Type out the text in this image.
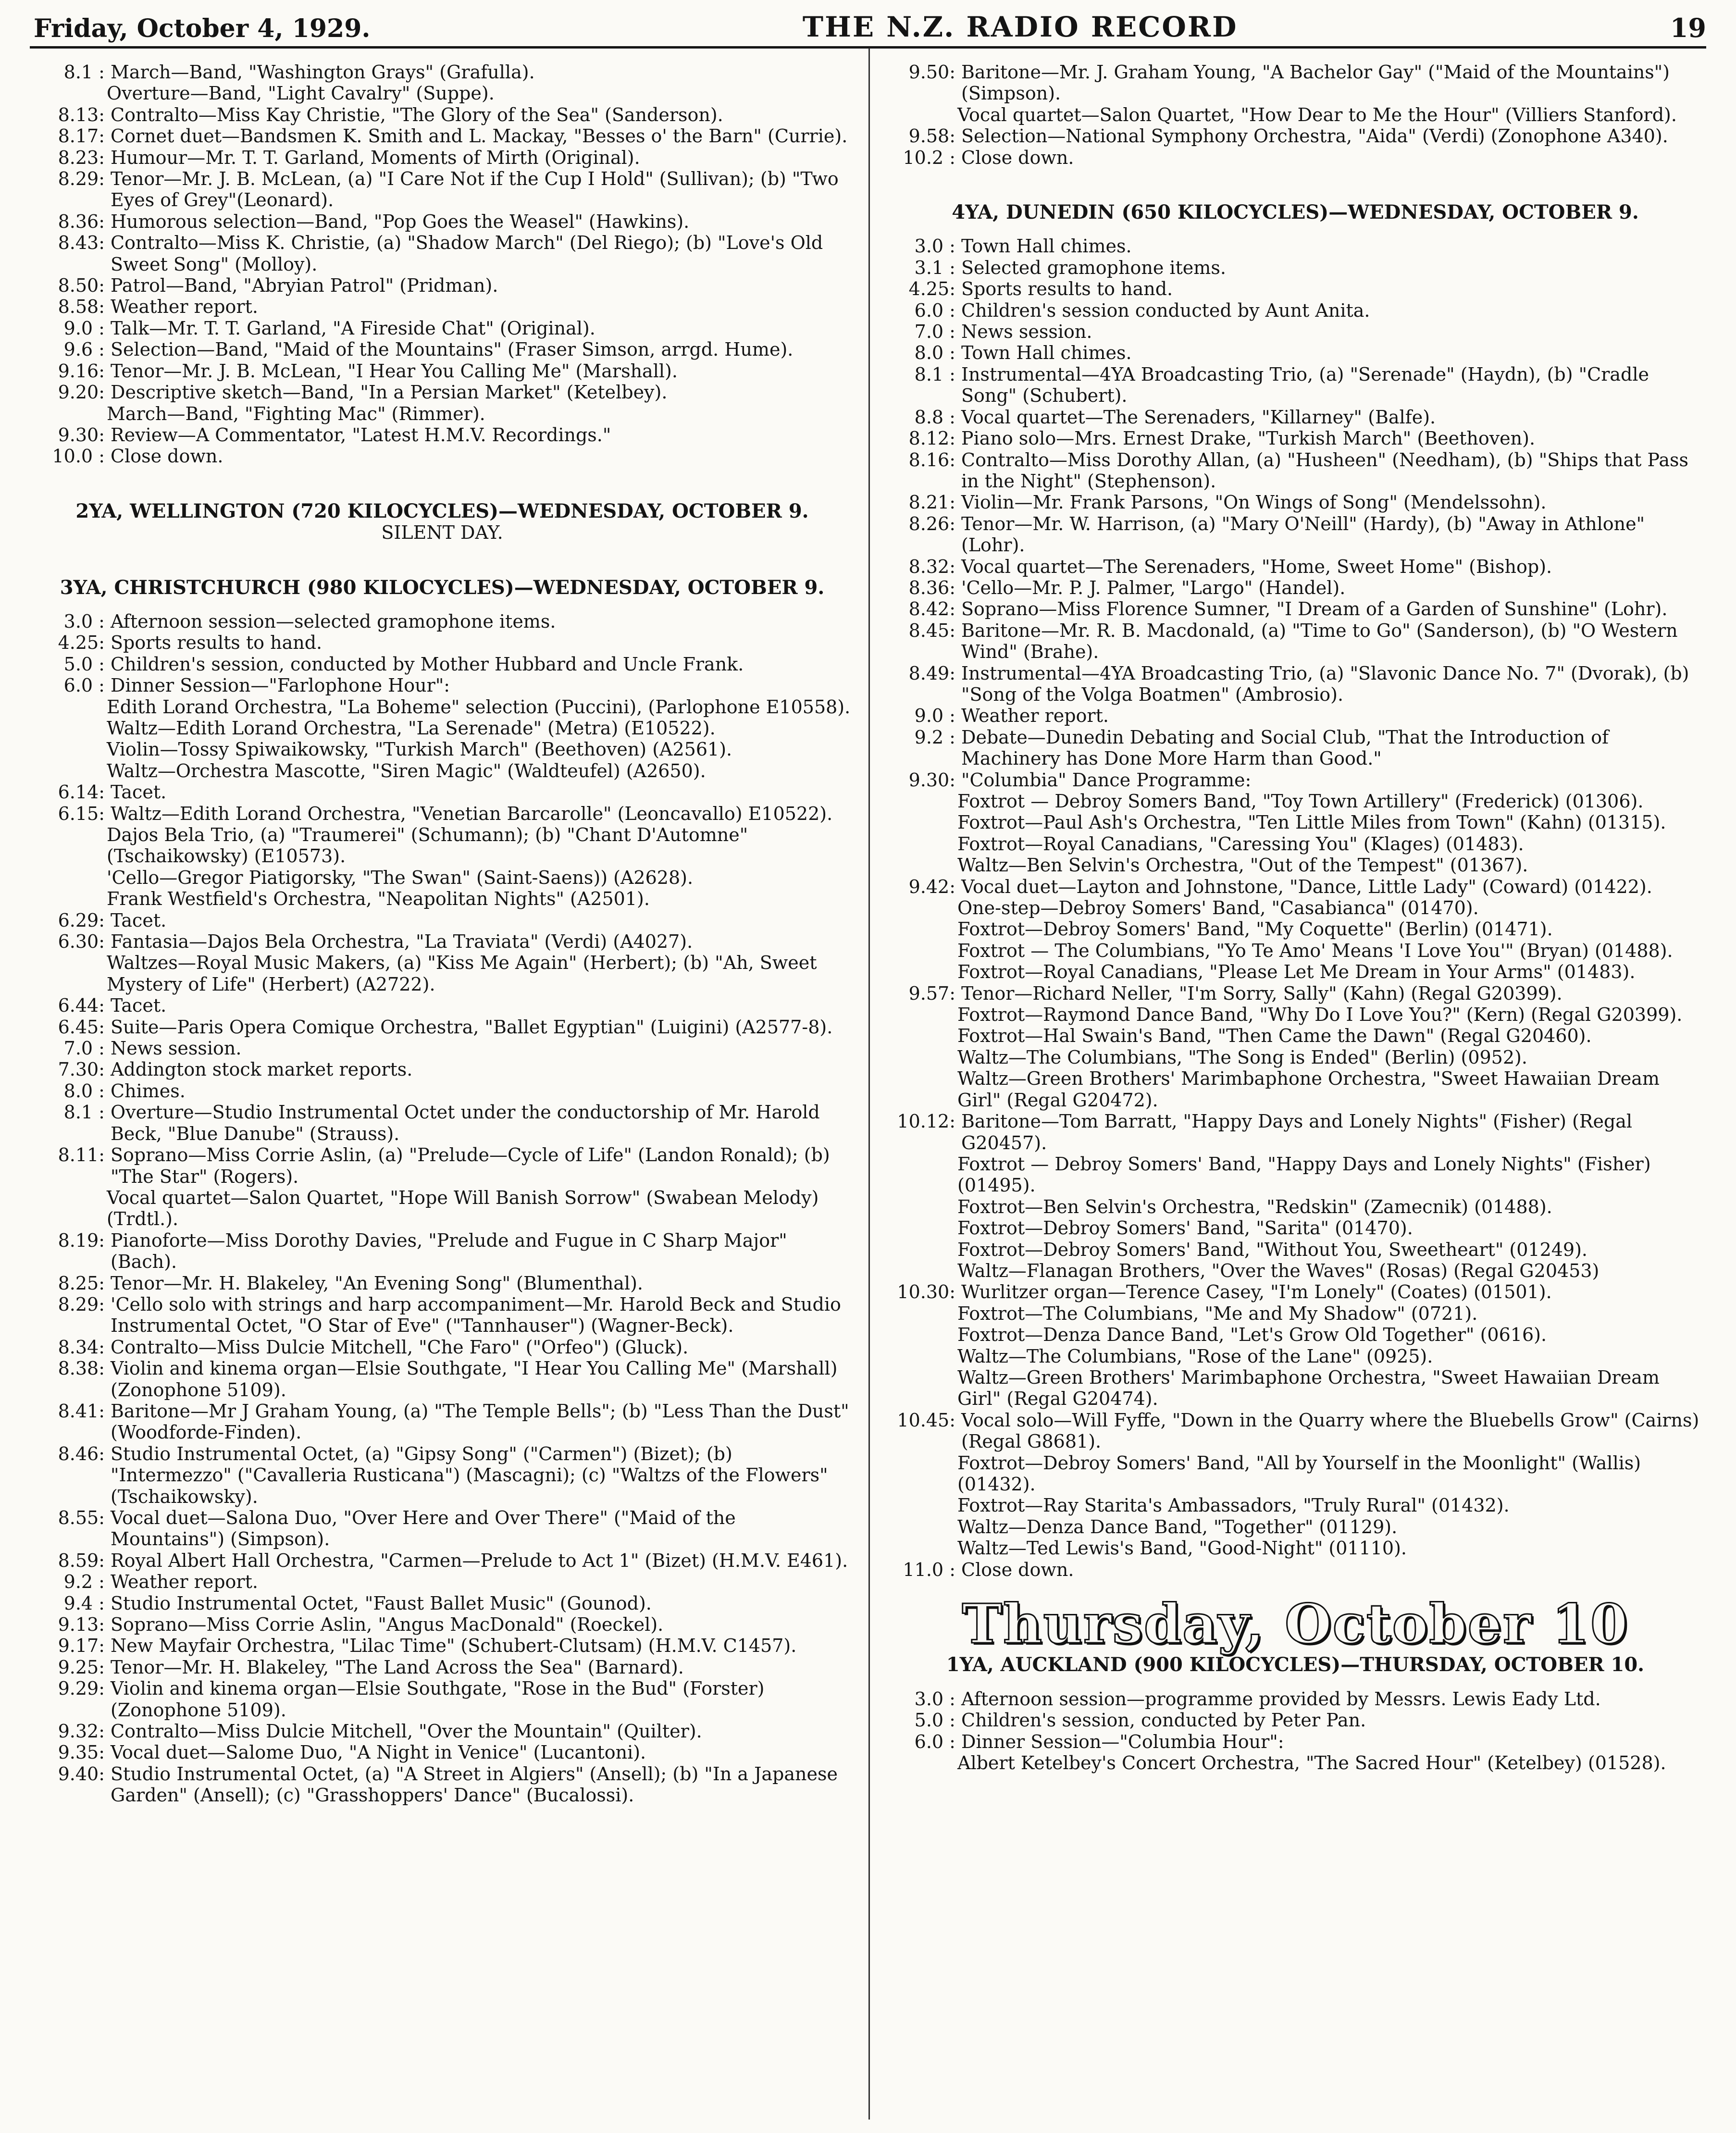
Friday, October 4, 1929.	THE N.Z. RADIO RECORD	19
8.1 : March—Band, "Washington Grays" (Grafulla).
Overture—Band, "Light Cavalry" (Suppe).
8.13: Contralto—Miss Kay Christie, "The Glory of the Sea" (Sanderson).
8.17: Cornet duet—Bandsmen K. Smith and L. Mackay, "Besses o' the Barn" (Currie).
8.23: Humour—Mr. T. T. Garland, Moments of Mirth (Original).
8.29: Tenor—Mr. J. B. McLean, (a) "I Care Not if the Cup I Hold" (Sullivan); (b) "Two Eyes of Grey"(Leonard).
8.36: Humorous selection—Band, "Pop Goes the Weasel" (Hawkins).
8.43: Contralto—Miss K. Christie, (a) "Shadow March" (Del Riego); (b) "Love's Old Sweet Song" (Molloy).
8.50: Patrol—Band, "Abryian Patrol" (Pridman).
8.58: Weather report.
9.0 : Talk—Mr. T. T. Garland, "A Fireside Chat" (Original).
9.6 : Selection—Band, "Maid of the Mountains" (Fraser Simson, arrgd. Hume).
9.16: Tenor—Mr. J. B. McLean, "I Hear You Calling Me" (Marshall).
9.20: Descriptive sketch—Band, "In a Persian Market" (Ketelbey).
March—Band, "Fighting Mac" (Rimmer).
9.30: Review—A Commentator, "Latest H.M.V. Recordings."
10.0 : Close down.
2YA, WELLINGTON (720 KILOCYCLES)—WEDNESDAY, OCTOBER 9.
SILENT DAY.
3YA, CHRISTCHURCH (980 KILOCYCLES)—WEDNESDAY, OCTOBER 9.
3.0 : Afternoon session—selected gramophone items.
4.25: Sports results to hand.
5.0 : Children's session, conducted by Mother Hubbard and Uncle Frank.
6.0 : Dinner Session—"Farlophone Hour":
Edith Lorand Orchestra, "La Boheme" selection (Puccini), (Parlophone E10558).
Waltz—Edith Lorand Orchestra, "La Serenade" (Metra) (E10522).
Violin—Tossy Spiwaikowsky, "Turkish March" (Beethoven) (A2561).
Waltz—Orchestra Mascotte, "Siren Magic" (Waldteufel) (A2650).
6.14: Tacet.
6.15: Waltz—Edith Lorand Orchestra, "Venetian Barcarolle" (Leoncavallo) E10522).
Dajos Bela Trio, (a) "Traumerei" (Schumann); (b) "Chant D'Automne" (Tschaikowsky) (E10573).
'Cello—Gregor Piatigorsky, "The Swan" (Saint-Saens)) (A2628).
Frank Westfield's Orchestra, "Neapolitan Nights" (A2501).
6.29: Tacet.
6.30: Fantasia—Dajos Bela Orchestra, "La Traviata" (Verdi) (A4027).
Waltzes—Royal Music Makers, (a) "Kiss Me Again" (Herbert); (b) "Ah, Sweet Mystery of Life" (Herbert) (A2722).
6.44: Tacet.
6.45: Suite—Paris Opera Comique Orchestra, "Ballet Egyptian" (Luigini) (A2577-8).
7.0 : News session.
7.30: Addington stock market reports.
8.0 : Chimes.
8.1 : Overture—Studio Instrumental Octet under the conductorship of Mr. Harold Beck, "Blue Danube" (Strauss).
8.11: Soprano—Miss Corrie Aslin, (a) "Prelude—Cycle of Life" (Landon Ronald); (b) "The Star" (Rogers).
Vocal quartet—Salon Quartet, "Hope Will Banish Sorrow" (Swabean Melody) (Trdtl.).
8.19: Pianoforte—Miss Dorothy Davies, "Prelude and Fugue in C Sharp Major" (Bach).
8.25: Tenor—Mr. H. Blakeley, "An Evening Song" (Blumenthal).
8.29: 'Cello solo with strings and harp accompaniment—Mr. Harold Beck and Studio Instrumental Octet, "O Star of Eve" ("Tannhauser") (Wagner-Beck).
8.34: Contralto—Miss Dulcie Mitchell, "Che Faro" ("Orfeo") (Gluck).
8.38: Violin and kinema organ—Elsie Southgate, "I Hear You Calling Me" (Marshall) (Zonophone 5109).
8.41: Baritone—Mr J Graham Young, (a) "The Temple Bells"; (b) "Less Than the Dust" (Woodforde-Finden).
8.46: Studio Instrumental Octet, (a) "Gipsy Song" ("Carmen") (Bizet); (b) "Intermezzo" ("Cavalleria Rusticana") (Mascagni); (c) "Waltzs of the Flowers" (Tschaikowsky).
8.55: Vocal duet—Salona Duo, "Over Here and Over There" ("Maid of the Mountains") (Simpson).
8.59: Royal Albert Hall Orchestra, "Carmen—Prelude to Act 1" (Bizet) (H.M.V. E461).
9.2 : Weather report.
9.4 : Studio Instrumental Octet, "Faust Ballet Music" (Gounod).
9.13: Soprano—Miss Corrie Aslin, "Angus MacDonald" (Roeckel).
9.17: New Mayfair Orchestra, "Lilac Time" (Schubert-Clutsam) (H.M.V. C1457).
9.25: Tenor—Mr. H. Blakeley, "The Land Across the Sea" (Barnard).
9.29: Violin and kinema organ—Elsie Southgate, "Rose in the Bud" (Forster) (Zonophone 5109).
9.32: Contralto—Miss Dulcie Mitchell, "Over the Mountain" (Quilter).
9.35: Vocal duet—Salome Duo, "A Night in Venice" (Lucantoni).
9.40: Studio Instrumental Octet, (a) "A Street in Algiers" (Ansell); (b) "In a Japanese Garden" (Ansell); (c) "Grasshoppers' Dance" (Bucalossi).
9.50: Baritone—Mr. J. Graham Young, "A Bachelor Gay" ("Maid of the Mountains") (Simpson).
Vocal quartet—Salon Quartet, "How Dear to Me the Hour" (Villiers Stanford).
9.58: Selection—National Symphony Orchestra, "Aida" (Verdi) (Zonophone A340).
10.2 : Close down.
4YA, DUNEDIN (650 KILOCYCLES)—WEDNESDAY, OCTOBER 9.
3.0 : Town Hall chimes.
3.1 : Selected gramophone items.
4.25: Sports results to hand.
6.0 : Children's session conducted by Aunt Anita.
7.0 : News session.
8.0 : Town Hall chimes.
8.1 : Instrumental—4YA Broadcasting Trio, (a) "Serenade" (Haydn), (b) "Cradle Song" (Schubert).
8.8 : Vocal quartet—The Serenaders, "Killarney" (Balfe).
8.12: Piano solo—Mrs. Ernest Drake, "Turkish March" (Beethoven).
8.16: Contralto—Miss Dorothy Allan, (a) "Husheen" (Needham), (b) "Ships that Pass in the Night" (Stephenson).
8.21: Violin—Mr. Frank Parsons, "On Wings of Song" (Mendelssohn).
8.26: Tenor—Mr. W. Harrison, (a) "Mary O'Neill" (Hardy), (b) "Away in Athlone" (Lohr).
8.32: Vocal quartet—The Serenaders, "Home, Sweet Home" (Bishop).
8.36: 'Cello—Mr. P. J. Palmer, "Largo" (Handel).
8.42: Soprano—Miss Florence Sumner, "I Dream of a Garden of Sunshine" (Lohr).
8.45: Baritone—Mr. R. B. Macdonald, (a) "Time to Go" (Sanderson), (b) "O Western Wind" (Brahe).
8.49: Instrumental—4YA Broadcasting Trio, (a) "Slavonic Dance No. 7" (Dvorak), (b) "Song of the Volga Boatmen" (Ambrosio).
9.0 : Weather report.
9.2 : Debate—Dunedin Debating and Social Club, "That the Introduction of Machinery has Done More Harm than Good."
9.30: "Columbia" Dance Programme:
Foxtrot — Debroy Somers Band, "Toy Town Artillery" (Frederick) (01306).
Foxtrot—Paul Ash's Orchestra, "Ten Little Miles from Town" (Kahn) (01315).
Foxtrot—Royal Canadians, "Caressing You" (Klages) (01483).
Waltz—Ben Selvin's Orchestra, "Out of the Tempest" (01367).
9.42: Vocal duet—Layton and Johnstone, "Dance, Little Lady" (Coward) (01422).
One-step—Debroy Somers' Band, "Casabianca" (01470).
Foxtrot—Debroy Somers' Band, "My Coquette" (Berlin) (01471).
Foxtrot — The Columbians, "Yo Te Amo' Means 'I Love You'" (Bryan) (01488).
Foxtrot—Royal Canadians, "Please Let Me Dream in Your Arms" (01483).
9.57: Tenor—Richard Neller, "I'm Sorry, Sally" (Kahn) (Regal G20399).
Foxtrot—Raymond Dance Band, "Why Do I Love You?" (Kern) (Regal G20399).
Foxtrot—Hal Swain's Band, "Then Came the Dawn" (Regal G20460).
Waltz—The Columbians, "The Song is Ended" (Berlin) (0952).
Waltz—Green Brothers' Marimbaphone Orchestra, "Sweet Hawaiian Dream Girl" (Regal G20472).
10.12: Baritone—Tom Barratt, "Happy Days and Lonely Nights" (Fisher) (Regal G20457).
Foxtrot — Debroy Somers' Band, "Happy Days and Lonely Nights" (Fisher) (01495).
Foxtrot—Ben Selvin's Orchestra, "Redskin" (Zamecnik) (01488).
Foxtrot—Debroy Somers' Band, "Sarita" (01470).
Foxtrot—Debroy Somers' Band, "Without You, Sweetheart" (01249).
Waltz—Flanagan Brothers, "Over the Waves" (Rosas) (Regal G20453)
10.30: Wurlitzer organ—Terence Casey, "I'm Lonely" (Coates) (01501).
Foxtrot—The Columbians, "Me and My Shadow" (0721).
Foxtrot—Denza Dance Band, "Let's Grow Old Together" (0616).
Waltz—The Columbians, "Rose of the Lane" (0925).
Waltz—Green Brothers' Marimbaphone Orchestra, "Sweet Hawaiian Dream Girl" (Regal G20474).
10.45: Vocal solo—Will Fyffe, "Down in the Quarry where the Bluebells Grow" (Cairns) (Regal G8681).
Foxtrot—Debroy Somers' Band, "All by Yourself in the Moonlight" (Wallis) (01432).
Foxtrot—Ray Starita's Ambassadors, "Truly Rural" (01432).
Waltz—Denza Dance Band, "Together" (01129).
Waltz—Ted Lewis's Band, "Good-Night" (01110).
11.0 : Close down.
Thursday, October 10
1YA, AUCKLAND (900 KILOCYCLES)—THURSDAY, OCTOBER 10.
3.0 : Afternoon session—programme provided by Messrs. Lewis Eady Ltd.
5.0 : Children's session, conducted by Peter Pan.
6.0 : Dinner Session—"Columbia Hour":
Albert Ketelbey's Concert Orchestra, "The Sacred Hour" (Ketelbey) (01528).
